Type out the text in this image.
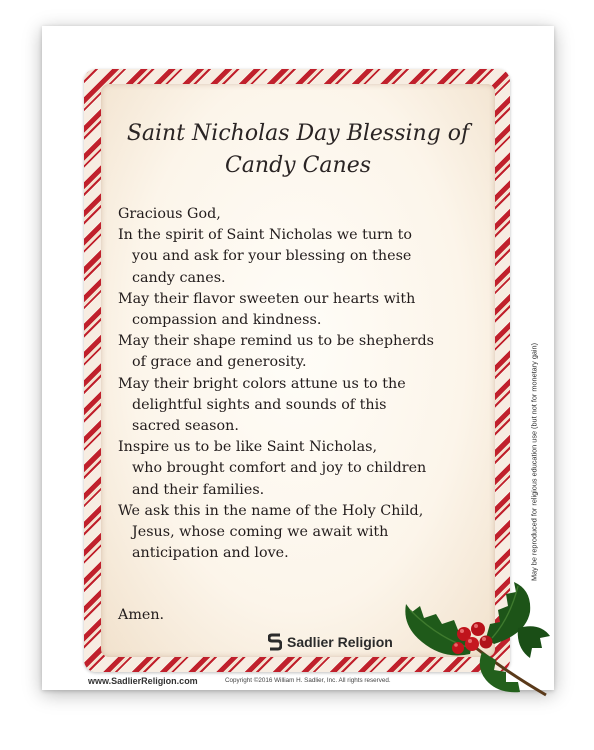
Saint Nicholas Day Blessing of
Candy Canes
Gracious God,
In the spirit of Saint Nicholas we turn to
you and ask for your blessing on these
candy canes.
May their flavor sweeten our hearts with
compassion and kindness.
May their shape remind us to be shepherds
of grace and generosity.
May their bright colors attune us to the
delightful sights and sounds of this
sacred season.
Inspire us to be like Saint Nicholas,
who brought comfort and joy to children
and their families.
We ask this in the name of the Holy Child,
Jesus, whose coming we await with
anticipation and love.
Amen.
Sadlier Religion
www.SadlierReligion.com	Copyright ©2016 William H. Sadlier, Inc. All rights reserved.
May be reproduced for religious education use (but not for monetary gain)
